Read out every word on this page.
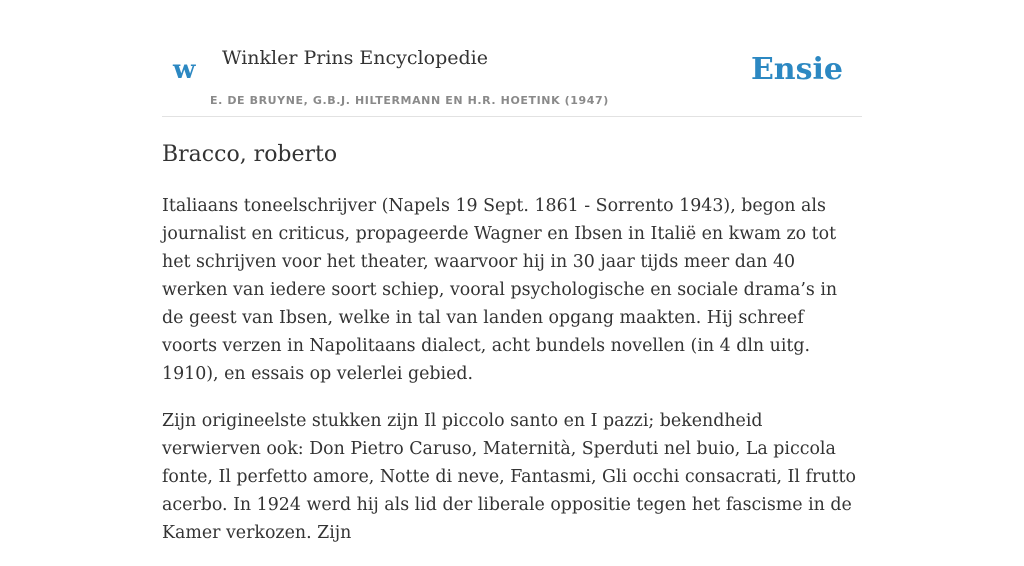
w Winkler Prins Encyclopedie
E. DE BRUYNE, G.B.J. HILTERMANN EN H.R. HOETINK (1947)
Ensie
Bracco, roberto

Italiaans toneelschrijver (Napels 19 Sept. 1861 - Sorrento 1943), begon als journalist en criticus, propageerde Wagner en Ibsen in Italië en kwam zo tot het schrijven voor het theater, waarvoor hij in 30 jaar tijds meer dan 40 werken van iedere soort schiep, vooral psychologische en sociale drama’s in de geest van Ibsen, welke in tal van landen opgang maakten. Hij schreef voorts verzen in Napolitaans dialect, acht bundels novellen (in 4 dln uitg. 1910), en essais op velerlei gebied.

Zijn origineelste stukken zijn Il piccolo santo en I pazzi; bekendheid verwierven ook: Don Pietro Caruso, Maternità, Sperduti nel buio, La piccola fonte, Il perfetto amore, Notte di neve, Fantasmi, Gli occhi consacrati, Il frutto acerbo. In 1924 werd hij als lid der liberale oppositie tegen het fascisme in de Kamer verkozen. Zijn
